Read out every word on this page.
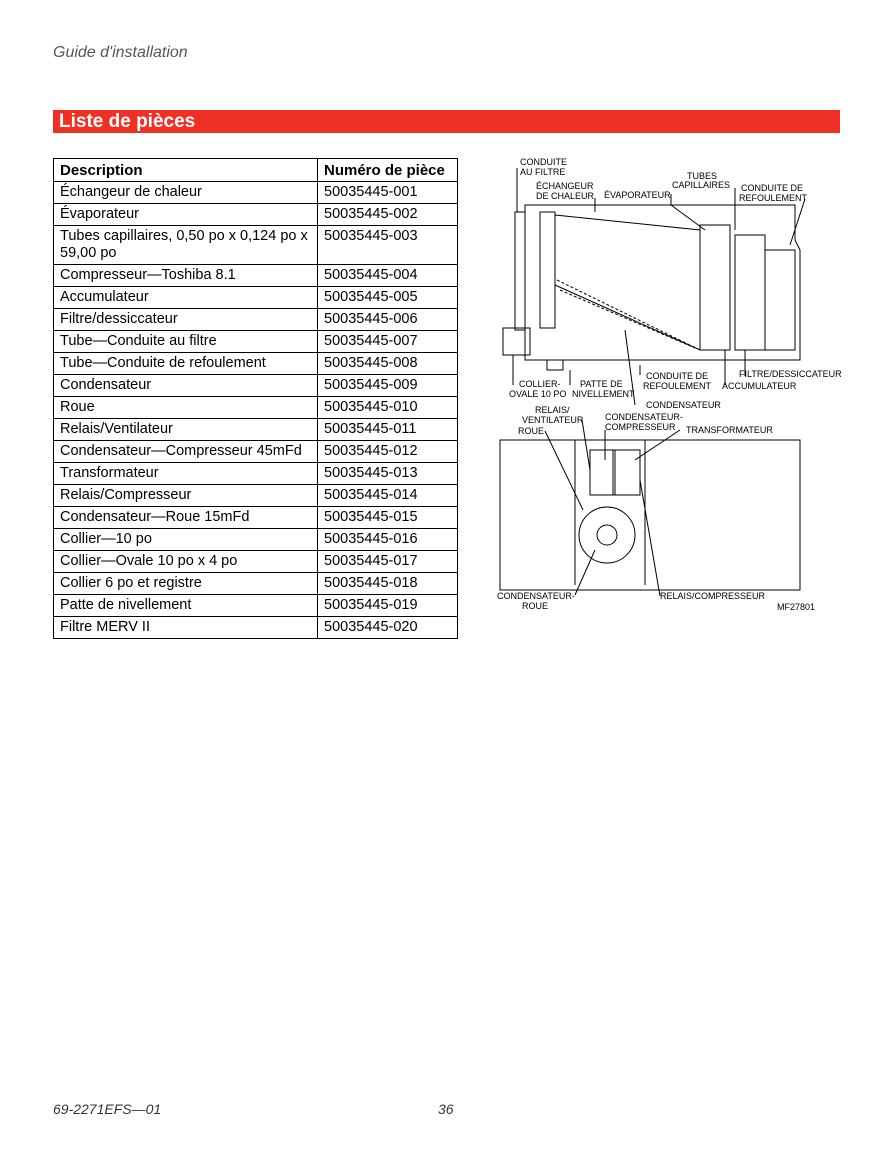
Guide d'installation
Liste de pièces
Description	Numéro de pièce
Échangeur de chaleur	50035445-001
Évaporateur	50035445-002
Tubes capillaires, 0,50 po x 0,124 po x 59,00 po	50035445-003
Compresseur—Toshiba 8.1	50035445-004
Accumulateur	50035445-005
Filtre/dessiccateur	50035445-006
Tube—Conduite au filtre	50035445-007
Tube—Conduite de refoulement	50035445-008
Condensateur	50035445-009
Roue	50035445-010
Relais/Ventilateur	50035445-011
Condensateur—Compresseur 45mFd	50035445-012
Transformateur	50035445-013
Relais/Compresseur	50035445-014
Condensateur—Roue 15mFd	50035445-015
Collier—10 po	50035445-016
Collier—Ovale 10 po x 4 po	50035445-017
Collier 6 po et registre	50035445-018
Patte de nivellement	50035445-019
Filtre MERV II	50035445-020
CONDUITE
AU FILTRE	TUBES
CAPILLAIRES
ÉCHANGEUR
DE CHALEUR ÉVAPORATEUR
CONDUITE DE
REFOULEMENT
FILTRE/DESSICCATEUR
COLLIER-
OVALE 10 PO
PATTE DE
NIVELLEMENT
CONDUITE DE
REFOULEMENT ACCUMULATEUR
CONDENSATEUR
RELAIS/
VENTILATEUR
ROUE
CONDENSATEUR-
COMPRESSEUR TRANSFORMATEUR
CONDENSATEUR-
ROUE
RELAIS/COMPRESSEUR
MF27801
69-2271EFS—01	36
